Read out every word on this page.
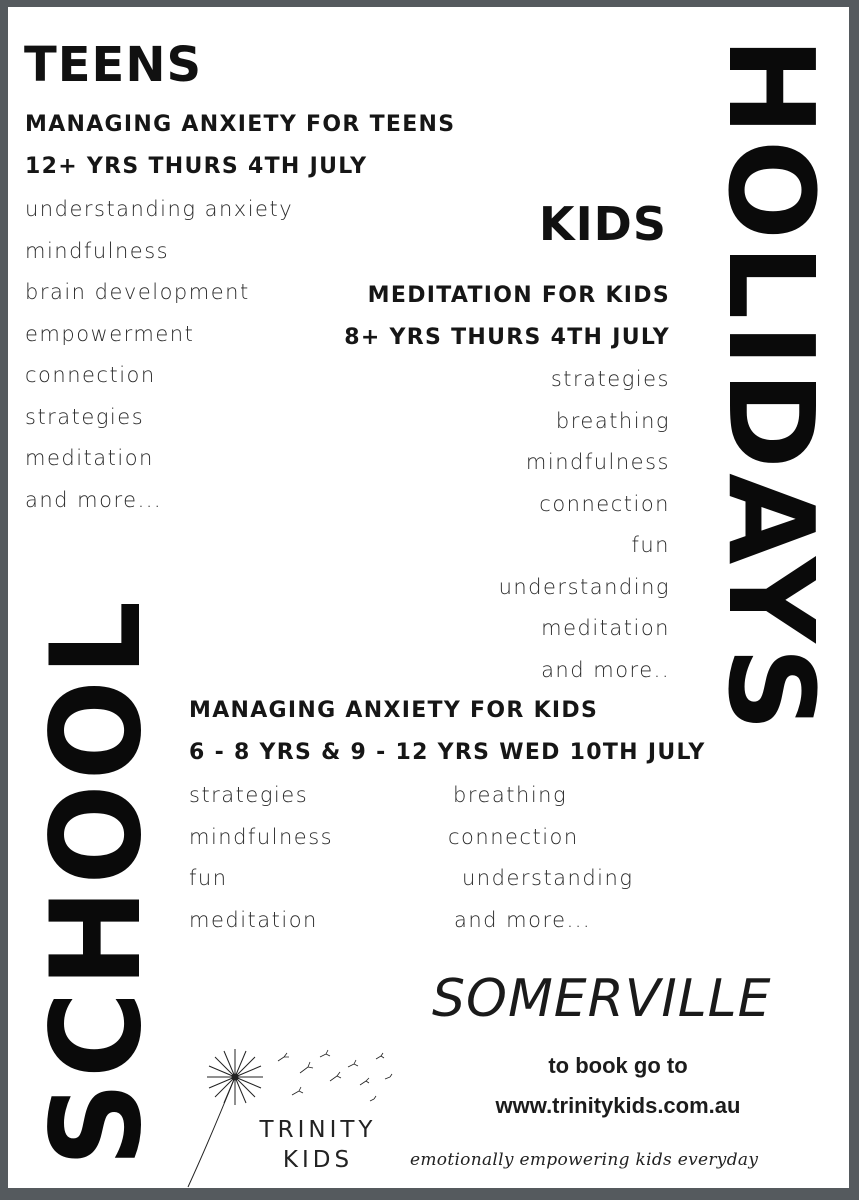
TEENS
MANAGING ANXIETY FOR TEENS
12+ YRS THURS 4TH JULY
understanding anxiety
mindfulness
brain development
empowerment
connection
strategies
meditation
and more...
KIDS
MEDITATION FOR KIDS
8+ YRS THURS 4TH JULY
strategies
breathing
mindfulness
connection
fun
understanding
meditation
and more..
MANAGING ANXIETY FOR KIDS
6 - 8 YRS & 9 - 12 YRS WED 10TH JULY
strategies
mindfulness
fun
meditation
breathing
connection
understanding
and more...
SCHOOL
HOLIDAYS
SOMERVILLE
to book go to
www.trinitykids.com.au
TRINITY
KIDS	emotionally empowering kids everyday
